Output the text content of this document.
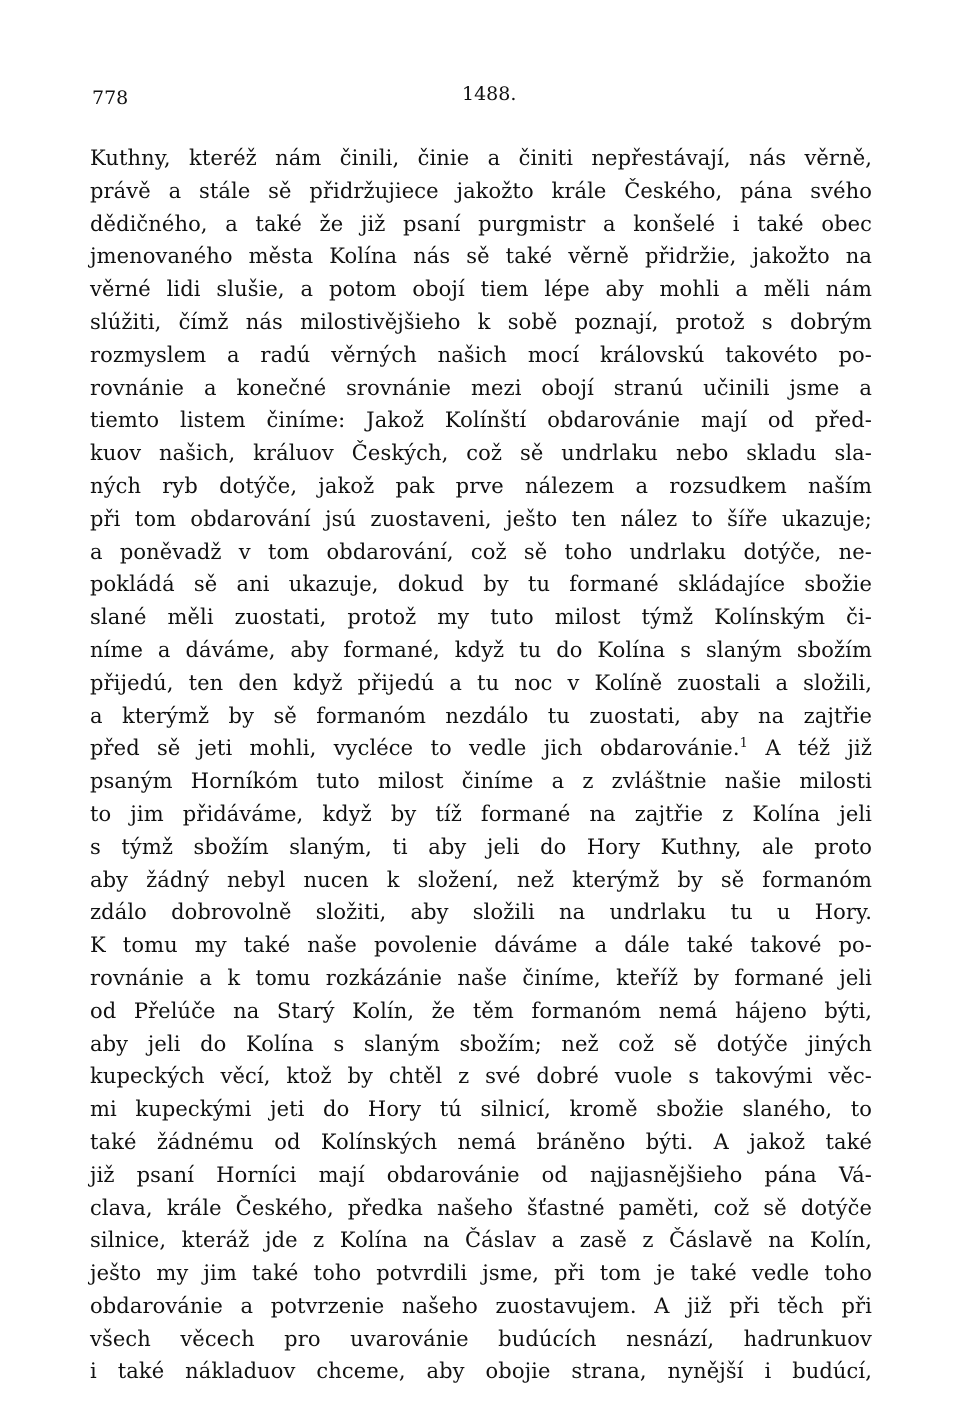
778	1488.
Kuthny, kteréž nám činili, činie a činiti nepřestávají, nás věrně,
právě a stále sě přidržujiece jakožto krále Českého, pána svého
dědičného, a také že již psaní purgmistr a konšelé i také obec
jmenovaného města Kolína nás sě také věrně přidržie, jakožto na
věrné lidi slušie, a potom obojí tiem lépe aby mohli a měli nám
slúžiti, čímž nás milostivějšieho k sobě poznají, protož s dobrým
rozmyslem a radú věrných našich mocí královskú takovéto po-
rovnánie a konečné srovnánie mezi obojí stranú učinili jsme a
tiemto listem činíme: Jakož Kolínští obdarovánie mají od před-
kuov našich, králuov Českých, což sě undrlaku nebo skladu sla-
ných ryb dotýče, jakož pak prve nálezem a rozsudkem naším
při tom obdarování jsú zuostaveni, ješto ten nález to šíře ukazuje;
a poněvadž v tom obdarování, což sě toho undrlaku dotýče, ne-
pokládá sě ani ukazuje, dokud by tu formané skládajíce sbožie
slané měli zuostati, protož my tuto milost týmž Kolínským či-
níme a dáváme, aby formané, když tu do Kolína s slaným sbožím
přijedú, ten den když přijedú a tu noc v Kolíně zuostali a složili,
a kterýmž by sě formanóm nezdálo tu zuostati, aby na zajtřie
před sě jeti mohli, vycléce to vedle jich obdarovánie.$^1$ A též již
psaným Horníkóm tuto milost činíme a z zvláštnie našie milosti
to jim přidáváme, když by tíž formané na zajtřie z Kolína jeli
s týmž sbožím slaným, ti aby jeli do Hory Kuthny, ale proto
aby žádný nebyl nucen k složení, než kterýmž by sě formanóm
zdálo dobrovolně složiti, aby složili na undrlaku tu u Hory.
K tomu my také naše povolenie dáváme a dále také takové po-
rovnánie a k tomu rozkázánie naše činíme, kteříž by formané jeli
od Přelúče na Starý Kolín, že těm formanóm nemá hájeno býti,
aby jeli do Kolína s slaným sbožím; než což sě dotýče jiných
kupeckých věcí, ktož by chtěl z své dobré vuole s takovými věc-
mi kupeckými jeti do Hory tú silnicí, kromě sbožie slaného, to
také žádnému od Kolínských nemá bráněno býti. A jakož také
již psaní Horníci mají obdarovánie od najjasnějšieho pána Vá-
clava, krále Českého, předka našeho šťastné paměti, což sě dotýče
silnice, kteráž jde z Kolína na Čáslav a zasě z Čáslavě na Kolín,
ješto my jim také toho potvrdili jsme, při tom je také vedle toho
obdarovánie a potvrzenie našeho zuostavujem. A již při těch při
všech věcech pro uvarovánie budúcích nesnází, hadrunkuov
i také nákladuov chceme, aby obojie strana, nynější i budúcí,
